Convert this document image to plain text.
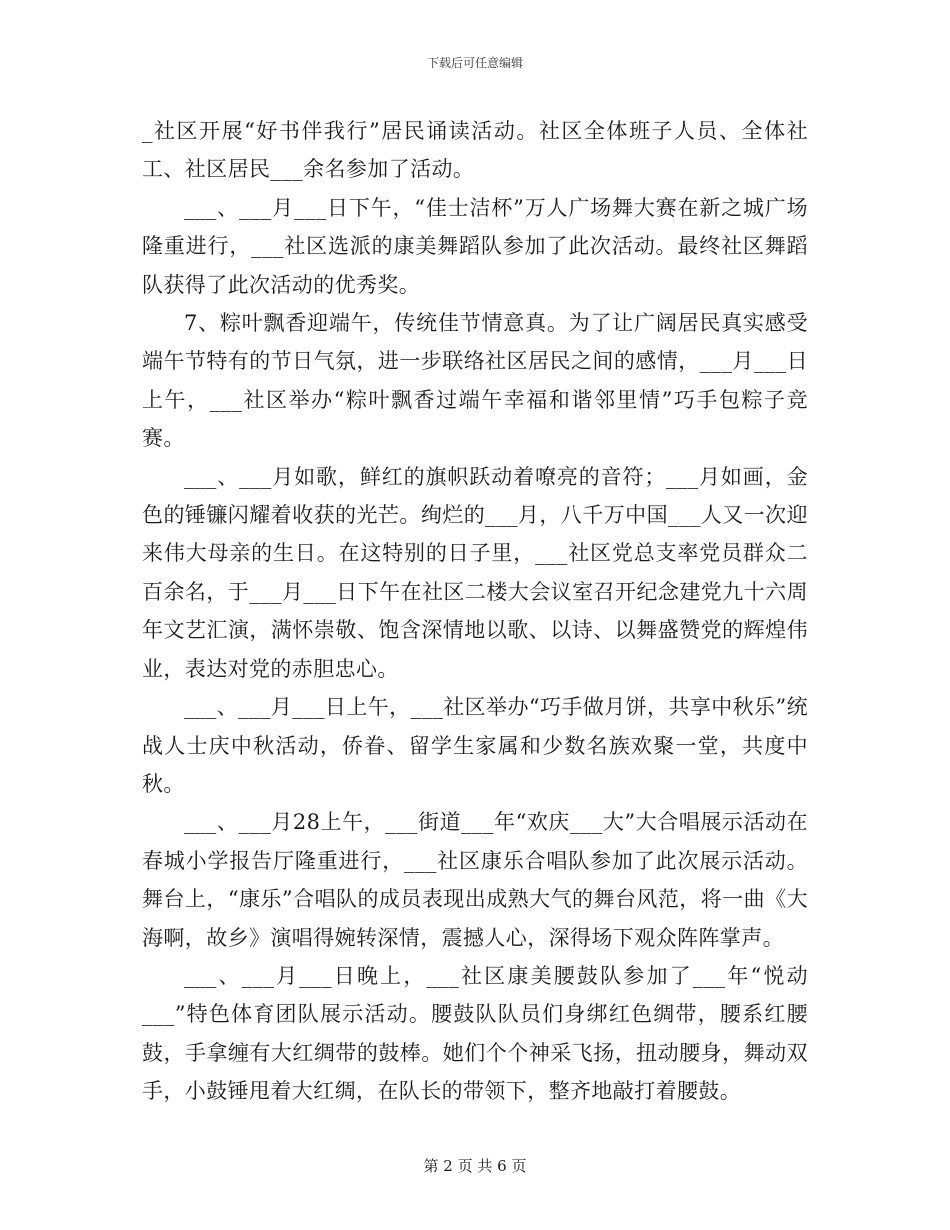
下载后可任意编辑

_社区开展“好书伴我行”居民诵读活动。社区全体班子人员、全体社工、社区居民___余名参加了活动。

___、___月___日下午，“佳士洁杯”万人广场舞大赛在新之城广场隆重进行，___社区选派的康美舞蹈队参加了此次活动。最终社区舞蹈队获得了此次活动的优秀奖。

7、粽叶飘香迎端午，传统佳节情意真。为了让广阔居民真实感受端午节特有的节日气氛，进一步联络社区居民之间的感情，___月___日上午，___社区举办“粽叶飘香过端午幸福和谐邻里情”巧手包粽子竞赛。

___、___月如歌，鲜红的旗帜跃动着嘹亮的音符；___月如画，金色的锤镰闪耀着收获的光芒。绚烂的___月，八千万中国___人又一次迎来伟大母亲的生日。在这特别的日子里，___社区党总支率党员群众二百余名，于___月___日下午在社区二楼大会议室召开纪念建党九十六周年文艺汇演，满怀崇敬、饱含深情地以歌、以诗、以舞盛赞党的辉煌伟业，表达对党的赤胆忠心。

___、___月___日上午，___社区举办“巧手做月饼，共享中秋乐”统战人士庆中秋活动，侨眷、留学生家属和少数名族欢聚一堂，共度中秋。

___、___月28上午，___街道___年“欢庆___大”大合唱展示活动在春城小学报告厅隆重进行，___社区康乐合唱队参加了此次展示活动。舞台上，“康乐”合唱队的成员表现出成熟大气的舞台风范，将一曲《大海啊，故乡》演唱得婉转深情，震撼人心，深得场下观众阵阵掌声。

___、___月___日晚上，___社区康美腰鼓队参加了___年“悦动___”特色体育团队展示活动。腰鼓队队员们身绑红色绸带，腰系红腰鼓，手拿缠有大红绸带的鼓棒。她们个个神采飞扬，扭动腰身，舞动双手，小鼓锤甩着大红绸，在队长的带领下，整齐地敲打着腰鼓。

第 2 页 共 6 页
